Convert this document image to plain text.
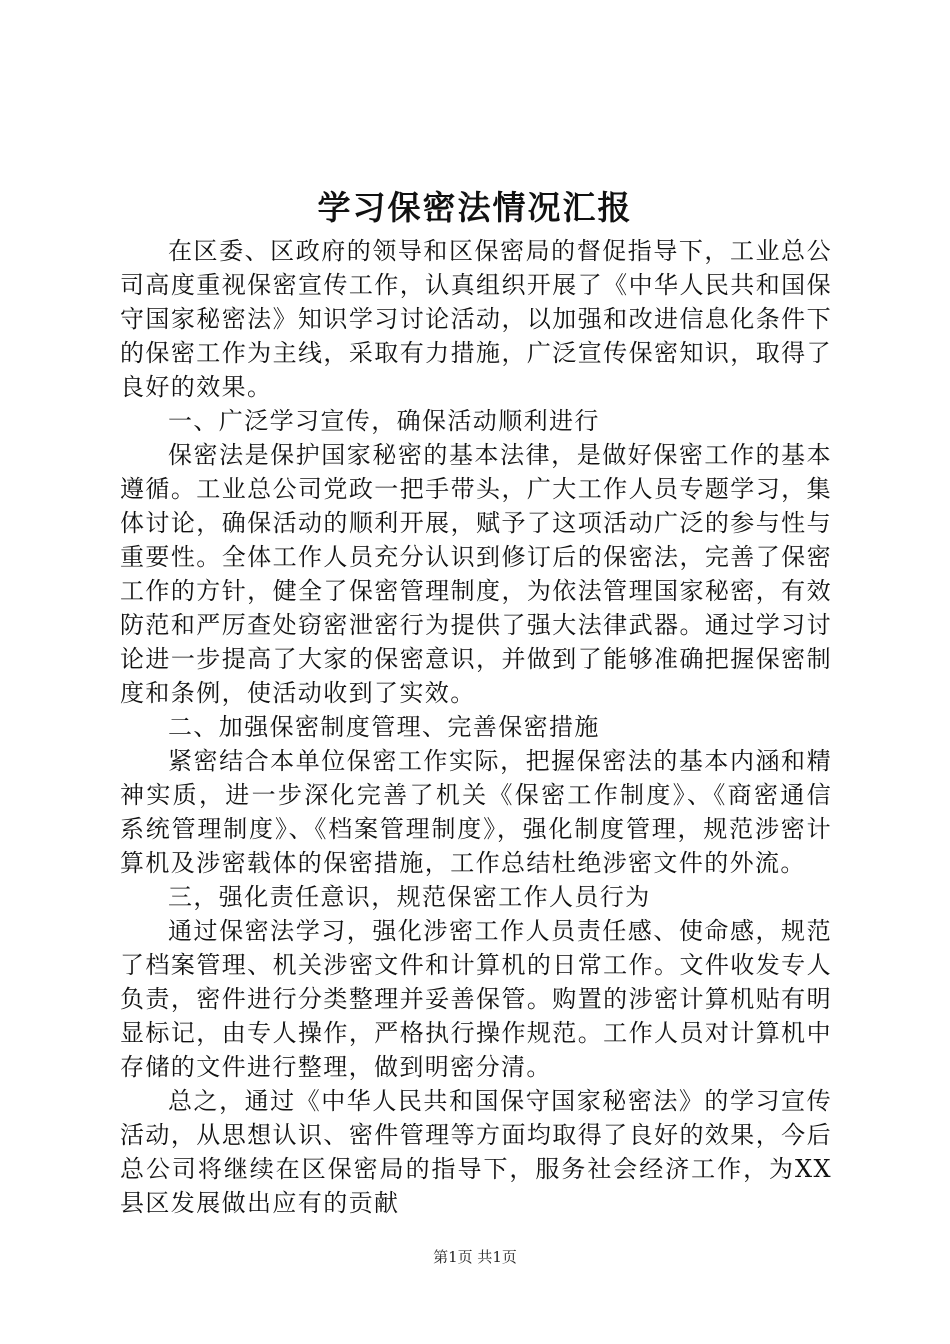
学习保密法情况汇报

在区委、区政府的领导和区保密局的督促指导下，工业总公司高度重视保密宣传工作，认真组织开展了《中华人民共和国保守国家秘密法》知识学习讨论活动，以加强和改进信息化条件下的保密工作为主线，采取有力措施，广泛宣传保密知识，取得了良好的效果。

一、广泛学习宣传，确保活动顺利进行

保密法是保护国家秘密的基本法律，是做好保密工作的基本遵循。工业总公司党政一把手带头，广大工作人员专题学习，集体讨论，确保活动的顺利开展，赋予了这项活动广泛的参与性与重要性。全体工作人员充分认识到修订后的保密法，完善了保密工作的方针，健全了保密管理制度，为依法管理国家秘密，有效防范和严厉查处窃密泄密行为提供了强大法律武器。通过学习讨论进一步提高了大家的保密意识，并做到了能够准确把握保密制度和条例，使活动收到了实效。

二、加强保密制度管理、完善保密措施

紧密结合本单位保密工作实际，把握保密法的基本内涵和精神实质，进一步深化完善了机关《保密工作制度》、《商密通信系统管理制度》、《档案管理制度》，强化制度管理，规范涉密计算机及涉密载体的保密措施，工作总结杜绝涉密文件的外流。

三，强化责任意识，规范保密工作人员行为

通过保密法学习，强化涉密工作人员责任感、使命感，规范了档案管理、机关涉密文件和计算机的日常工作。文件收发专人负责，密件进行分类整理并妥善保管。购置的涉密计算机贴有明显标记，由专人操作，严格执行操作规范。工作人员对计算机中存储的文件进行整理，做到明密分清。

总之，通过《中华人民共和国保守国家秘密法》的学习宣传活动，从思想认识、密件管理等方面均取得了良好的效果，今后总公司将继续在区保密局的指导下，服务社会经济工作，为XX县区发展做出应有的贡献

第1页 共1页
